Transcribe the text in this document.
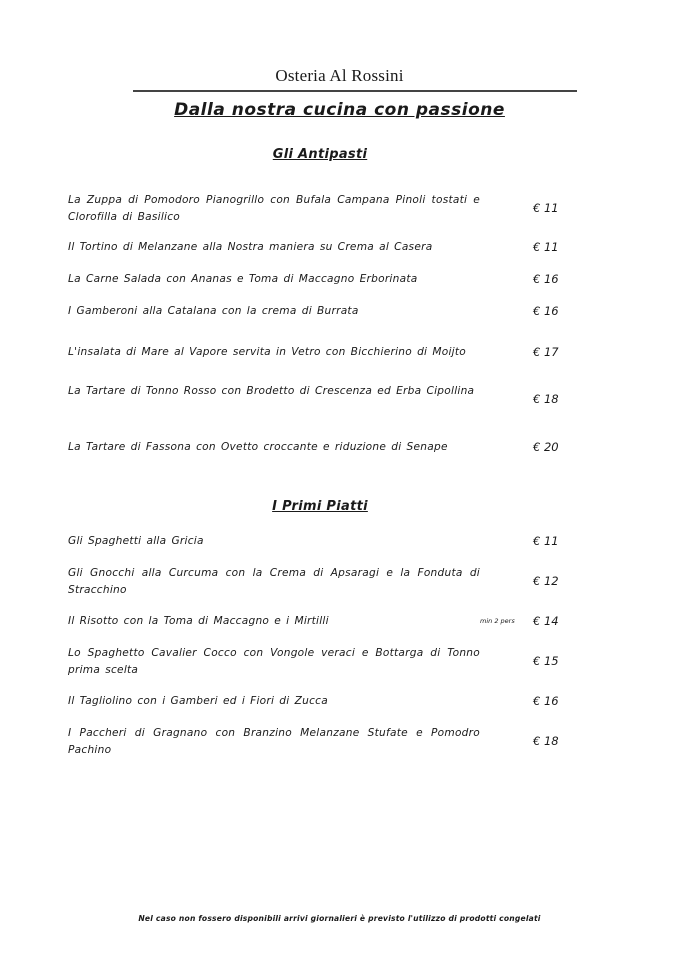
Osteria Al Rossini
Dalla nostra cucina con passione
Gli Antipasti
La Zuppa di Pomodoro Pianogrillo con Bufala Campana Pinoli tostati e Clorofilla di Basilico
€ 11
Il Tortino di Melanzane alla Nostra maniera su Crema al Casera	€ 11
La Carne Salada con Ananas e Toma di Maccagno Erborinata	€ 16
I Gamberoni alla Catalana con la crema di Burrata	€ 16
L'insalata di Mare al Vapore servita in Vetro con Bicchierino di Moijto	€ 17
La Tartare di Tonno Rosso con Brodetto di Crescenza ed Erba Cipollina
€ 18
La Tartare di Fassona con Ovetto croccante e riduzione di Senape	€ 20
I Primi Piatti
Gli Spaghetti alla Gricia	€ 11
Gli Gnocchi alla Curcuma con la Crema di Apsaragi e la Fonduta di Stracchino
€ 12
Il Risotto con la Toma di Maccagno e i Mirtilli	min 2 pers € 14
Lo Spaghetto Cavalier Cocco con Vongole veraci e Bottarga di Tonno prima scelta
€ 15
Il Tagliolino con i Gamberi ed i Fiori di Zucca	€ 16
I Paccheri di Gragnano con Branzino Melanzane Stufate e Pomodro Pachino
€ 18
Nel caso non fossero disponibili arrivi giornalieri è previsto l'utilizzo di prodotti congelati
